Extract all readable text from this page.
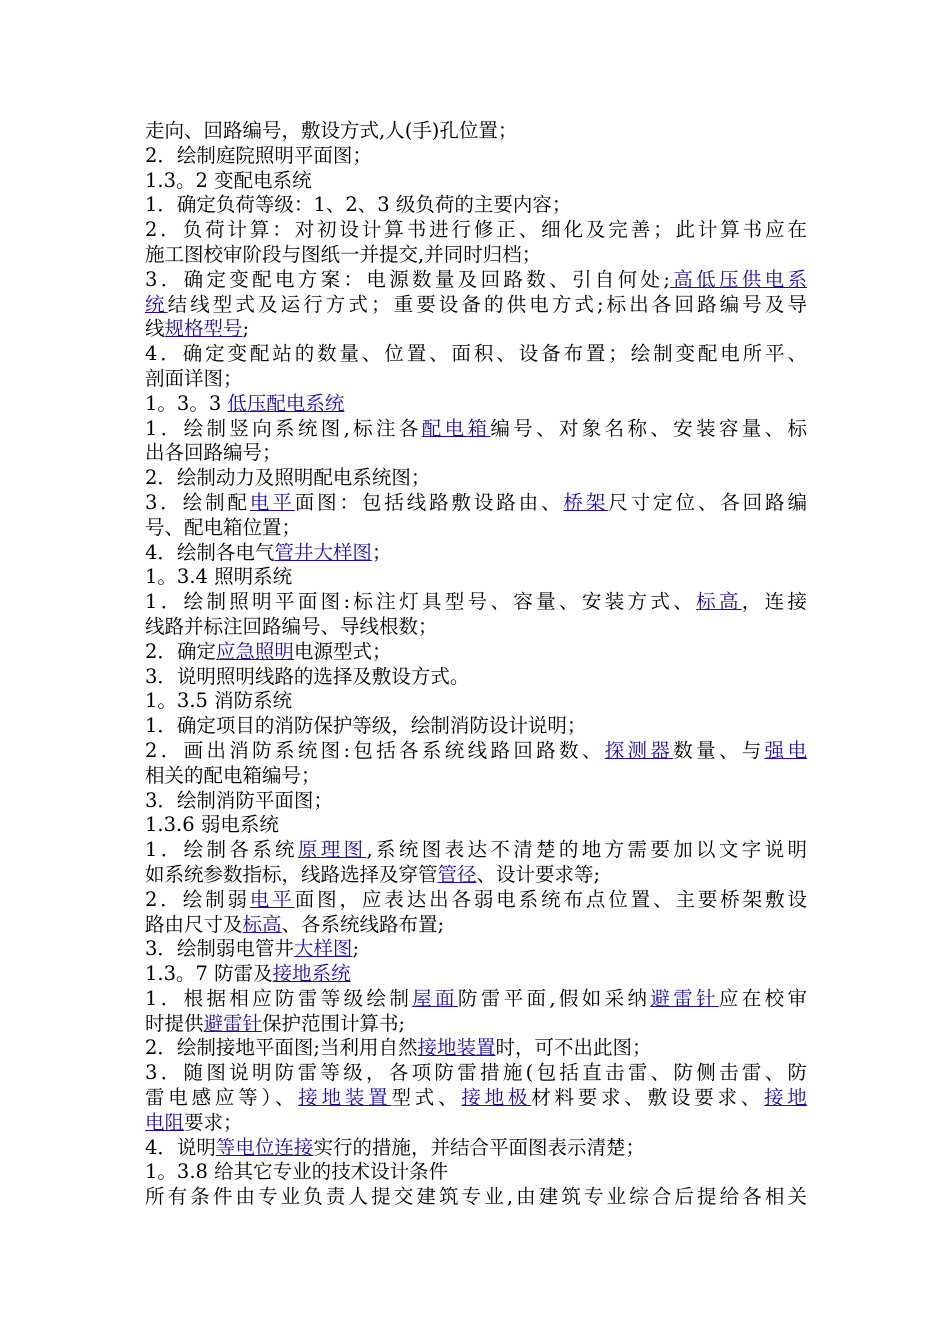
走向、回路编号，敷设方式,人(手)孔位置；
2．绘制庭院照明平面图；
1.3。2 变配电系统
1．确定负荷等级：1、2、3 级负荷的主要内容；
2．负荷计算：对初设计算书进行修正、细化及完善；此计算书应在
施工图校审阶段与图纸一并提交,并同时归档；
3．确定变配电方案：电源数量及回路数、引自何处;高低压供电系
统结线型式及运行方式；重要设备的供电方式;标出各回路编号及导
线规格型号;
4．确定变配站的数量、位置、面积、设备布置；绘制变配电所平、
剖面详图；
1。3。3 低压配电系统
1．绘制竖向系统图,标注各配电箱编号、对象名称、安装容量、标
出各回路编号；
2．绘制动力及照明配电系统图；
3．绘制配电平面图：包括线路敷设路由、桥架尺寸定位、各回路编
号、配电箱位置；
4．绘制各电气管井大样图；
1。3.4 照明系统
1．绘制照明平面图:标注灯具型号、容量、安装方式、标高，连接
线路并标注回路编号、导线根数；
2．确定应急照明电源型式；
3．说明照明线路的选择及敷设方式。
1。3.5 消防系统
1．确定项目的消防保护等级，绘制消防设计说明；
2．画出消防系统图:包括各系统线路回路数、探测器数量、与强电
相关的配电箱编号；
3．绘制消防平面图；
1.3.6 弱电系统
1．绘制各系统原理图,系统图表达不清楚的地方需要加以文字说明
如系统参数指标，线路选择及穿管管径、设计要求等;
2．绘制弱电平面图，应表达出各弱电系统布点位置、主要桥架敷设
路由尺寸及标高、各系统线路布置;
3．绘制弱电管井大样图;
1.3。7 防雷及接地系统
1．根据相应防雷等级绘制屋面防雷平面,假如采纳避雷针应在校审
时提供避雷针保护范围计算书;
2．绘制接地平面图;当利用自然接地装置时，可不出此图；
3．随图说明防雷等级，各项防雷措施(包括直击雷、防侧击雷、防
雷电感应等）、接地装置型式、接地极材料要求、敷设要求、接地
电阻要求；
4．说明等电位连接实行的措施，并结合平面图表示清楚；
1。3.8 给其它专业的技术设计条件
所有条件由专业负责人提交建筑专业,由建筑专业综合后提给各相关
